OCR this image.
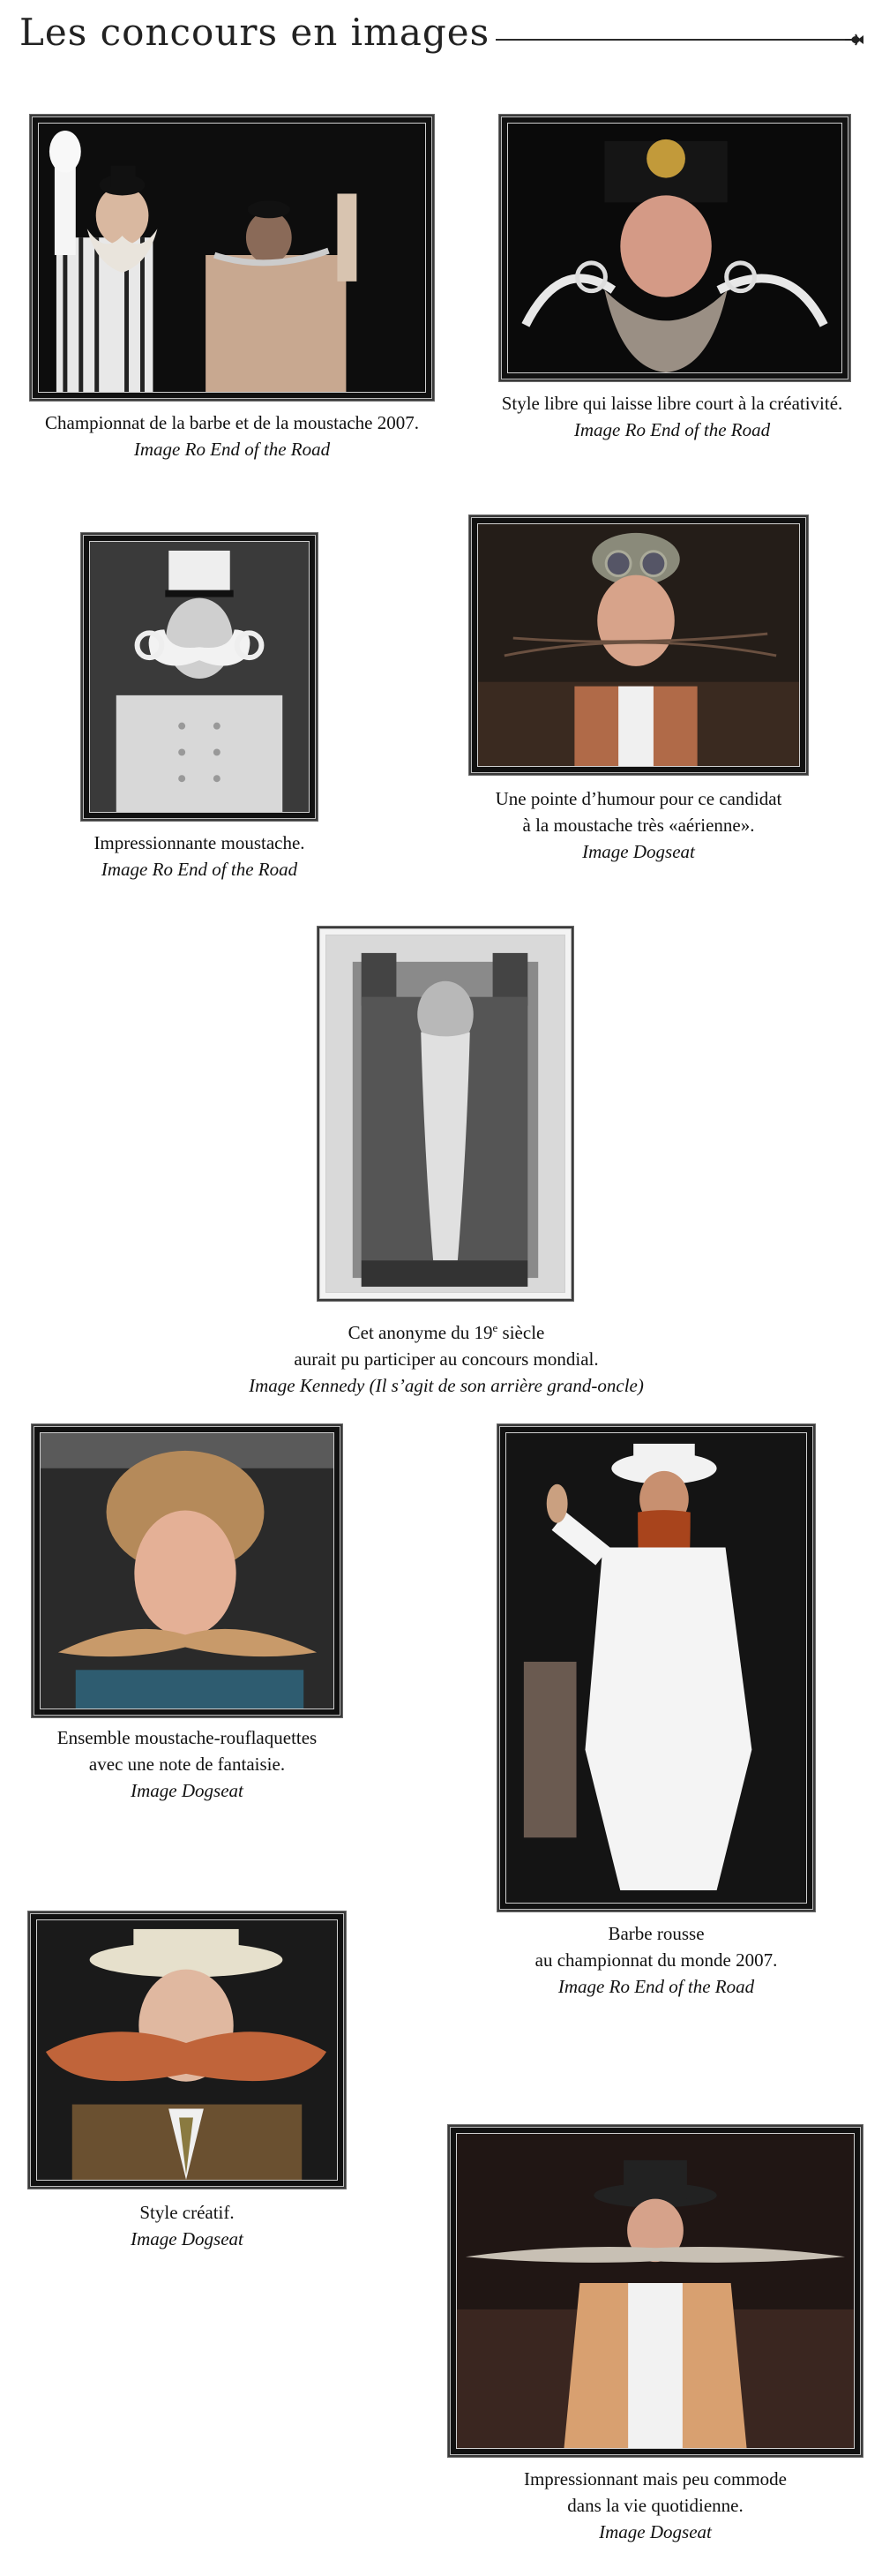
Les concours en images
Championnat de la barbe et de la moustache 2007.
Image Ro End of the Road
Style libre qui laisse libre court à la créativité.
Image Ro End of the Road
Impressionnante moustache.
Image Ro End of the Road
Une pointe d’humour pour ce candidat
à la moustache très «aérienne».
Image Dogseat
Cet anonyme du 19e siècle
aurait pu participer au concours mondial.
Image Kennedy (Il s’agit de son arrière grand-oncle)
Ensemble moustache-rouflaquettes
avec une note de fantaisie.
Image Dogseat
Barbe rousse
au championnat du monde 2007.
Image Ro End of the Road
Style créatif.
Image Dogseat
Impressionnant mais peu commode
dans la vie quotidienne.
Image Dogseat
